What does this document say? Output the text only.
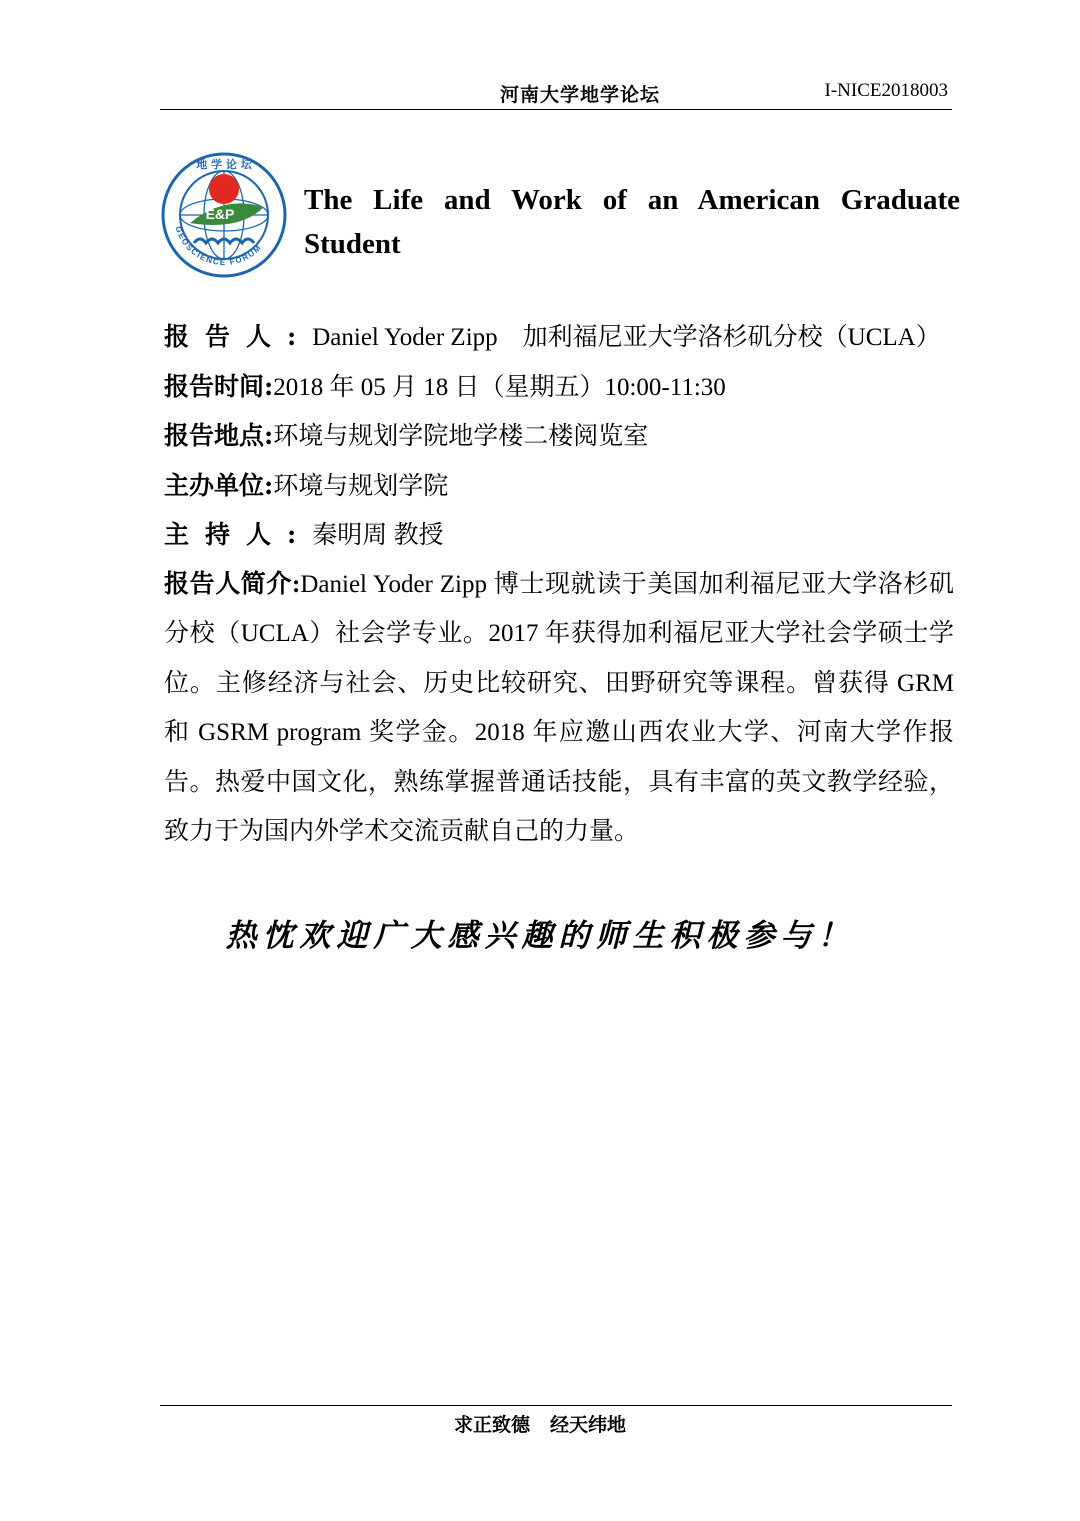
河南大学地学论坛	I-NICE2018003
E&P
地 学 论 坛
GEOSCIENCE FORUM
The Life and Work of an American Graduate Student
报告人:Daniel Yoder Zipp　加利福尼亚大学洛杉矶分校（UCLA）
报告时间:2018 年 05 月 18 日（星期五）10:00-11:30
报告地点:环境与规划学院地学楼二楼阅览室
主办单位:环境与规划学院
主持人:秦明周 教授
报告人简介:Daniel Yoder Zipp 博士现就读于美国加利福尼亚大学洛杉矶分校（UCLA）社会学专业。2017 年获得加利福尼亚大学社会学硕士学位。主修经济与社会、历史比较研究、田野研究等课程。曾获得 GRM 和 GSRM program 奖学金。2018 年应邀山西农业大学、河南大学作报告。热爱中国文化，熟练掌握普通话技能，具有丰富的英文教学经验，致力于为国内外学术交流贡献自己的力量。
热忱欢迎广大感兴趣的师生积极参与！
求正致德 经天纬地
